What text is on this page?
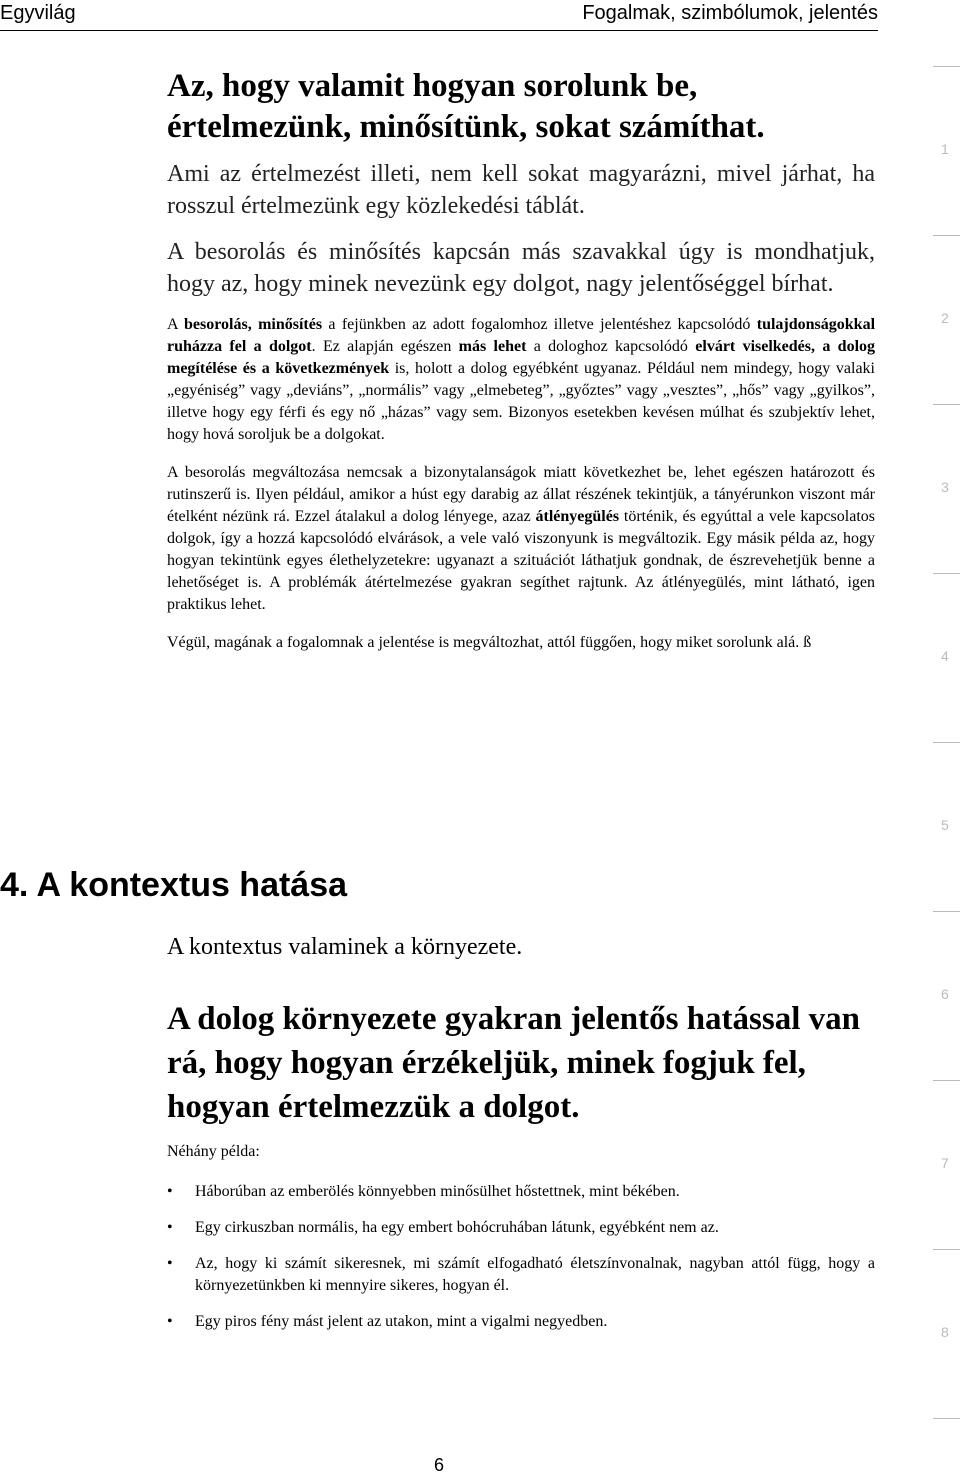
Egyvilág	Fogalmak, szimbólumok, jelentés
Az, hogy valamit hogyan sorolunk be,
értelmezünk, minősítünk, sokat számíthat.

Ami az értelmezést illeti, nem kell sokat magyarázni, mivel járhat, ha rosszul értelmezünk egy közlekedési táblát.

A besorolás és minősítés kapcsán más szavakkal úgy is mondhatjuk, hogy az, hogy minek nevezünk egy dolgot, nagy jelentőséggel bírhat.

A besorolás, minősítés a fejünkben az adott fogalomhoz illetve jelentéshez kapcsolódó tulajdonságokkal ruházza fel a dolgot. Ez alapján egészen más lehet a dologhoz kapcsolódó elvárt viselkedés, a dolog megítélése és a következmények is, holott a dolog egyébként ugyanaz. Például nem mindegy, hogy valaki „egyéniség” vagy „deviáns”, „normális” vagy „elmebeteg”, „győztes” vagy „vesztes”, „hős” vagy „gyilkos”, illetve hogy egy férfi és egy nő „házas” vagy sem. Bizonyos esetekben kevésen múlhat és szubjektív lehet, hogy hová soroljuk be a dolgokat.

A besorolás megváltozása nemcsak a bizonytalanságok miatt következhet be, lehet egészen határozott és rutinszerű is. Ilyen például, amikor a húst egy darabig az állat részének tekintjük, a tányérunkon viszont már ételként nézünk rá. Ezzel átalakul a dolog lényege, azaz átlényegülés történik, és egyúttal a vele kapcsolatos dolgok, így a hozzá kapcsolódó elvárások, a vele való viszonyunk is megváltozik. Egy másik példa az, hogy hogyan tekintünk egyes élethelyzetekre: ugyanazt a szituációt láthatjuk gondnak, de észrevehetjük benne a lehetőséget is. A problémák átértelmezése gyakran segíthet rajtunk. Az átlényegülés, mint látható, igen praktikus lehet.

Végül, magának a fogalomnak a jelentése is megváltozhat, attól függően, hogy miket sorolunk alá. ß

4. A kontextus hatása
A kontextus valaminek a környezete.
A dolog környezete gyakran jelentős hatással van rá, hogy hogyan érzékeljük, minek fogjuk fel, hogyan értelmezzük a dolgot.
Néhány példa:
• Háborúban az emberölés könnyebben minősülhet hőstettnek, mint békében.
• Egy cirkuszban normális, ha egy embert bohócruhában látunk, egyébként nem az.
• Az, hogy ki számít sikeresnek, mi számít elfogadható életszínvonalnak, nagyban attól függ, hogy a környezetünkben ki mennyire sikeres, hogyan él.
• Egy piros fény mást jelent az utakon, mint a vigalmi negyedben.
1
2
3
4
5
6
7
8
6
